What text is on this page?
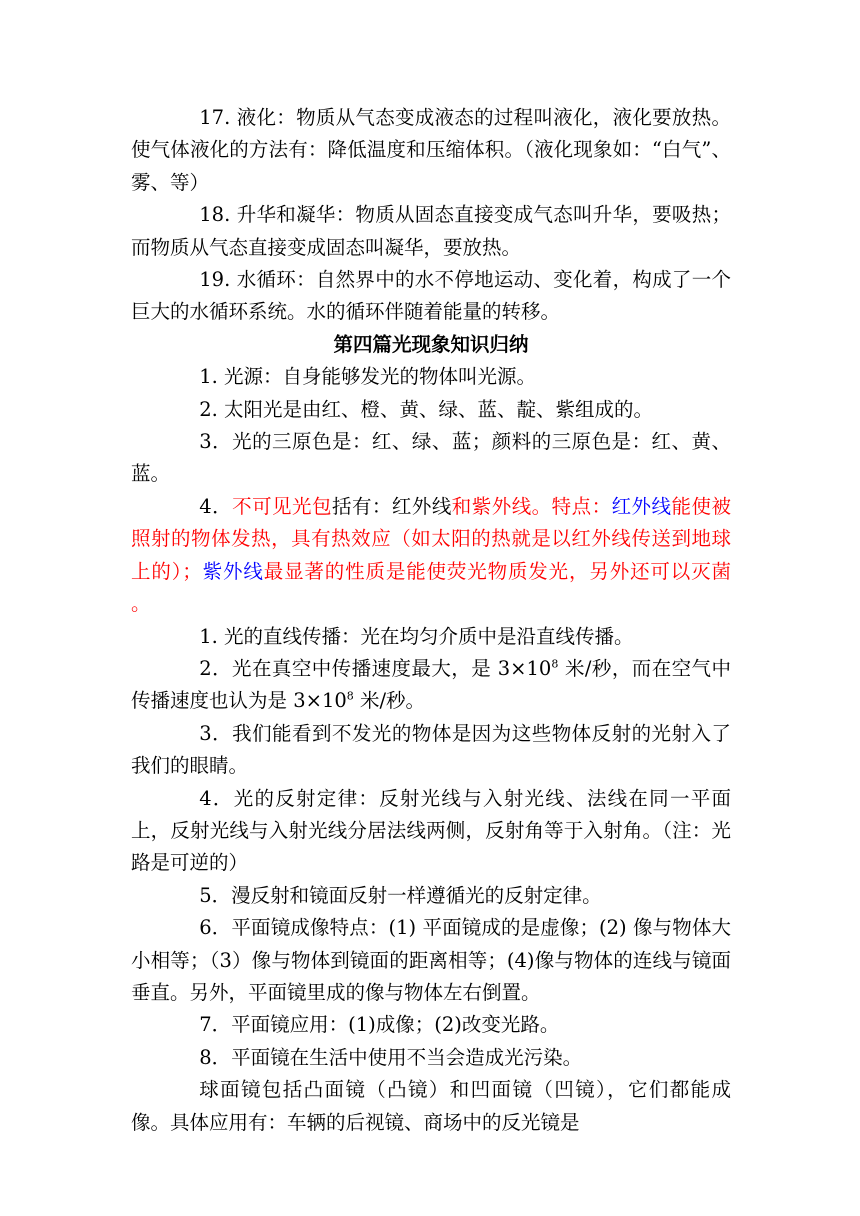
17. 液化：物质从气态变成液态的过程叫液化，液化要放热。使气体液化的方法有：降低温度和压缩体积。（液化现象如：“白气”、雾、等）

18. 升华和凝华：物质从固态直接变成气态叫升华，要吸热；而物质从气态直接变成固态叫凝华，要放热。

19. 水循环：自然界中的水不停地运动、变化着，构成了一个巨大的水循环系统。水的循环伴随着能量的转移。

第四篇光现象知识归纳

1. 光源：自身能够发光的物体叫光源。

2. 太阳光是由红、橙、黄、绿、蓝、靛、紫组成的。

3．光的三原色是：红、绿、蓝；颜料的三原色是：红、黄、蓝。

4．不可见光包括有：红外线和紫外线。特点：红外线能使被照射的物体发热，具有热效应（如太阳的热就是以红外线传送到地球上的）；紫外线最显著的性质是能使荧光物质发光，另外还可以灭菌 。

1. 光的直线传播：光在均匀介质中是沿直线传播。

2．光在真空中传播速度最大，是 $3\times 10^8$ 米/秒，而在空气中传播速度也认为是 $3\times 10^8$ 米/秒。

3．我们能看到不发光的物体是因为这些物体反射的光射入了我们的眼睛。

4．光的反射定律：反射光线与入射光线、法线在同一平面上，反射光线与入射光线分居法线两侧，反射角等于入射角。（注：光路是可逆的）

5．漫反射和镜面反射一样遵循光的反射定律。

6．平面镜成像特点：(1) 平面镜成的是虚像；(2) 像与物体大小相等；（3）像与物体到镜面的距离相等；(4)像与物体的连线与镜面垂直。另外，平面镜里成的像与物体左右倒置。

7．平面镜应用：(1)成像；(2)改变光路。

8．平面镜在生活中使用不当会造成光污染。

球面镜包括凸面镜（凸镜）和凹面镜（凹镜），它们都能成像。具体应用有：车辆的后视镜、商场中的反光镜是
